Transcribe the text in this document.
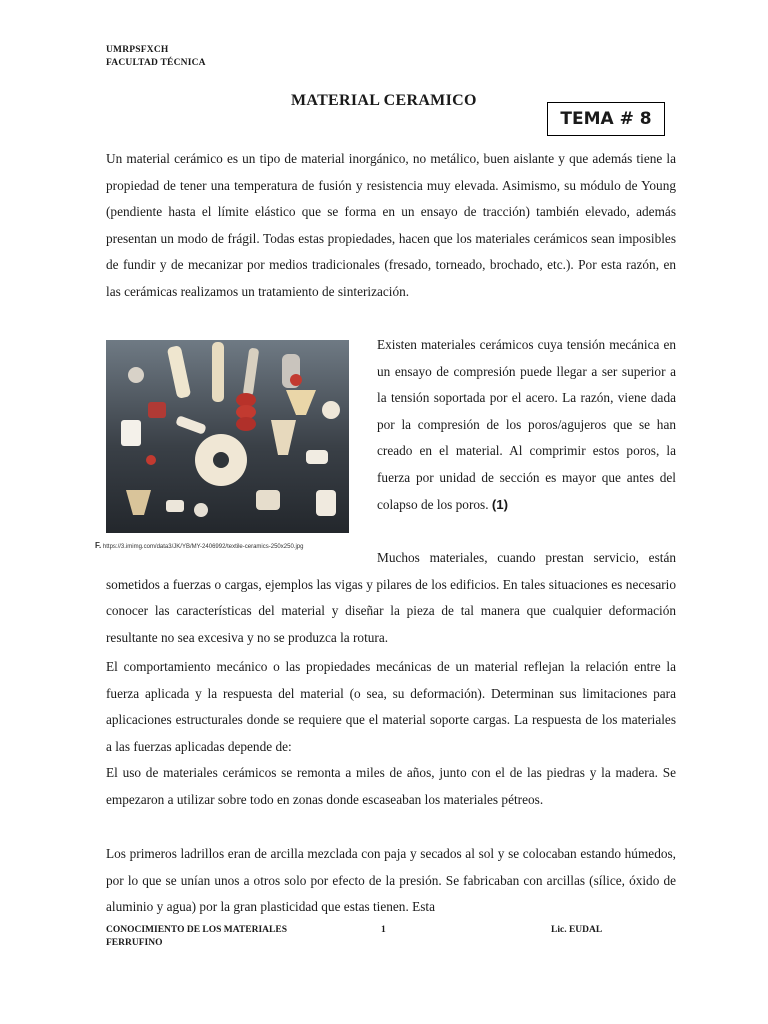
UMRPSFXCH
FACULTAD TÉCNICA
MATERIAL CERAMICO
TEMA # 8

Un material cerámico es un tipo de material inorgánico, no metálico, buen aislante y que además tiene la propiedad de tener una temperatura de fusión y resistencia muy elevada. Asimismo, su módulo de Young (pendiente hasta el límite elástico que se forma en un ensayo de tracción) también elevado, además presentan un modo de frágil. Todas estas propiedades, hacen que los materiales cerámicos sean imposibles de fundir y de mecanizar por medios tradicionales (fresado, torneado, brochado, etc.). Por esta razón, en las cerámicas realizamos un tratamiento de sinterización.

F. https://3.imimg.com/data3/JK/YB/MY-2406992/textile-ceramics-250x250.jpg

Existen materiales cerámicos cuya tensión mecánica en un ensayo de compresión puede llegar a ser superior a la tensión soportada por el acero. La razón, viene dada por la compresión de los poros/agujeros que se han creado en el material. Al comprimir estos poros, la fuerza por unidad de sección es mayor que antes del colapso de los poros. (1)

Muchos materiales, cuando prestan servicio, están sometidos a fuerzas o cargas, ejemplos las vigas y pilares de los edificios. En tales situaciones es necesario conocer las características del material y diseñar la pieza de tal manera que cualquier deformación resultante no sea excesiva y no se produzca la rotura.

El comportamiento mecánico o las propiedades mecánicas de un material reflejan la relación entre la fuerza aplicada y la respuesta del material (o sea, su deformación). Determinan sus limitaciones para aplicaciones estructurales donde se requiere que el material soporte cargas. La respuesta de los materiales a las fuerzas aplicadas depende de:

El uso de materiales cerámicos se remonta a miles de años, junto con el de las piedras y la madera. Se empezaron a utilizar sobre todo en zonas donde escaseaban los materiales pétreos.

Los primeros ladrillos eran de arcilla mezclada con paja y secados al sol y se colocaban estando húmedos, por lo que se unían unos a otros solo por efecto de la presión. Se fabricaban con arcillas (sílice, óxido de aluminio y agua) por la gran plasticidad que estas tienen. Esta

CONOCIMIENTO DE LOS MATERIALES
FERRUFINO
1	Lic. EUDAL
